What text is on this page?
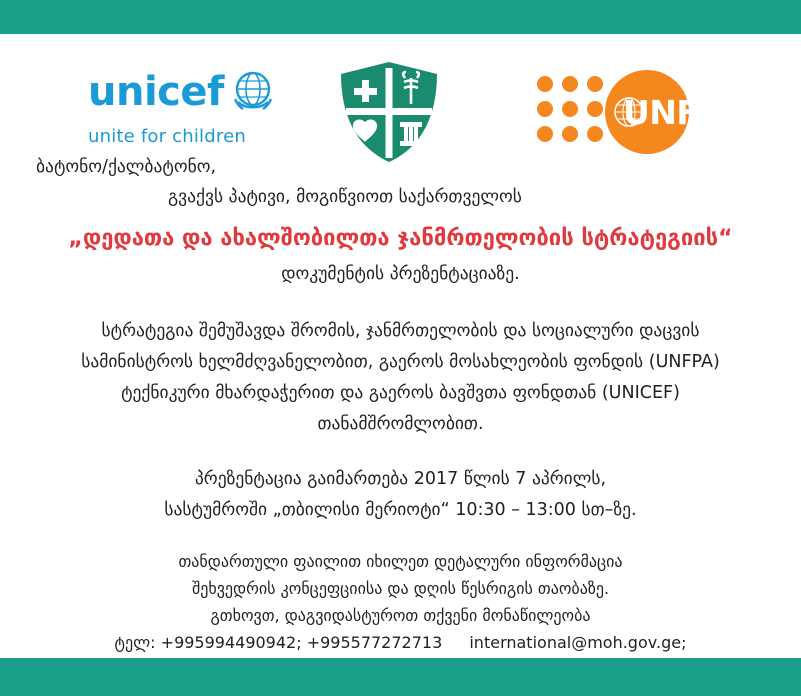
unicef
unite for children
UNFPA
ბატონო/ქალბატონო,
გვაქვს პატივი, მოგიწვიოთ საქართველოს
„დედათა და ახალშობილთა ჯანმრთელობის სტრატეგიის“
დოკუმენტის პრეზენტაციაზე.
სტრატეგია შემუშავდა შრომის, ჯანმრთელობის და სოციალური დაცვის
სამინისტროს ხელმძღვანელობით, გაეროს მოსახლეობის ფონდის (UNFPA)
ტექნიკური მხარდაჭერით და გაეროს ბავშვთა ფონდთან (UNICEF)
თანამშრომლობით.
პრეზენტაცია გაიმართება 2017 წლის 7 აპრილს,
სასტუმროში „თბილისი მერიოტი“ 10:30 – 13:00 სთ–ზე.
თანდართული ფაილით იხილეთ დეტალური ინფორმაცია
შეხვედრის კონცეფციისა და დღის წესრიგის თაობაზე.
გთხოვთ, დაგვიდასტუროთ თქვენი მონაწილეობა
ტელ: +995994490942; +995577272713 international@moh.gov.ge;
